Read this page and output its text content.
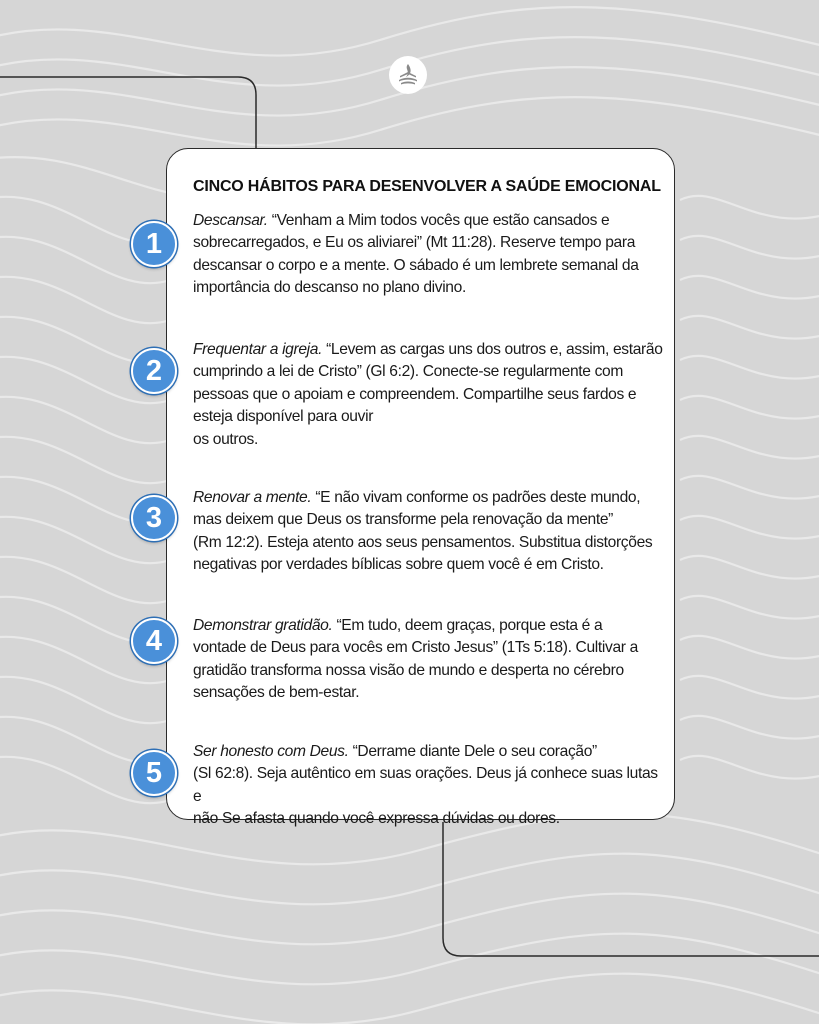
CINCO HÁBITOS PARA DESENVOLVER A SAÚDE EMOCIONAL
1
Descansar. “Venham a Mim todos vocês que estão cansados e
sobrecarregados, e Eu os aliviarei” (Mt 11:28). Reserve tempo para
descansar o corpo e a mente. O sábado é um lembrete semanal da
importância do descanso no plano divino.
2
Frequentar a igreja. “Levem as cargas uns dos outros e, assim, estarão
cumprindo a lei de Cristo” (Gl 6:2). Conecte-se regularmente com
pessoas que o apoiam e compreendem. Compartilhe seus fardos e
esteja disponível para ouvir
os outros.
3
Renovar a mente. “E não vivam conforme os padrões deste mundo,
mas deixem que Deus os transforme pela renovação da mente”
(Rm 12:2). Esteja atento aos seus pensamentos. Substitua distorções
negativas por verdades bíblicas sobre quem você é em Cristo.
4	Demonstrar gratidão. “Em tudo, deem graças, porque esta é a
vontade de Deus para vocês em Cristo Jesus” (1Ts 5:18). Cultivar a
gratidão transforma nossa visão de mundo e desperta no cérebro
sensações de bem-estar.
5
Ser honesto com Deus. “Derrame diante Dele o seu coração”
(Sl 62:8). Seja autêntico em suas orações. Deus já conhece suas lutas e
não Se afasta quando você expressa dúvidas ou dores.
